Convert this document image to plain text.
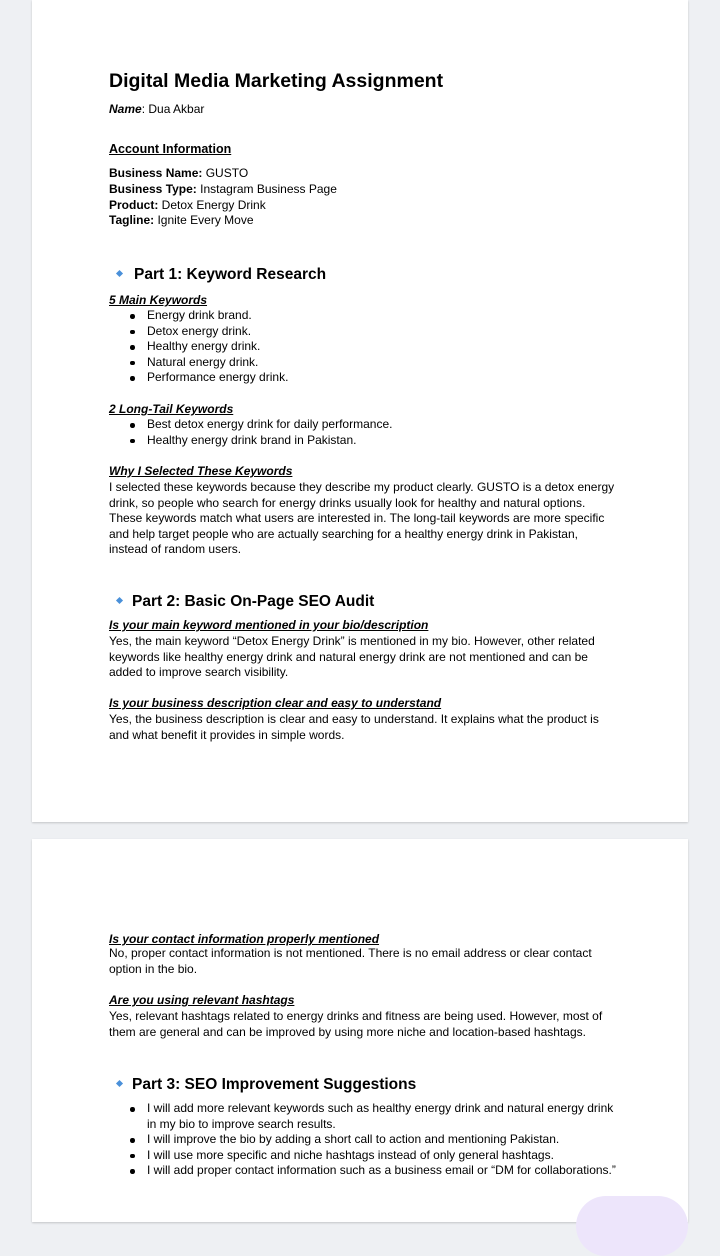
Digital Media Marketing Assignment
Name: Dua Akbar
Account Information
Business Name: GUSTO
Business Type: Instagram Business Page
Product: Detox Energy Drink
Tagline: Ignite Every Move
Part 1: Keyword Research
5 Main Keywords
Energy drink brand.
Detox energy drink.
Healthy energy drink.
Natural energy drink.
Performance energy drink.
2 Long-Tail Keywords
Best detox energy drink for daily performance.
Healthy energy drink brand in Pakistan.
Why I Selected These Keywords
I selected these keywords because they describe my product clearly. GUSTO is a detox energy
drink, so people who search for energy drinks usually look for healthy and natural options.
These keywords match what users are interested in. The long-tail keywords are more specific
and help target people who are actually searching for a healthy energy drink in Pakistan,
instead of random users.
Part 2: Basic On-Page SEO Audit
Is your main keyword mentioned in your bio/description
Yes, the main keyword “Detox Energy Drink” is mentioned in my bio. However, other related
keywords like healthy energy drink and natural energy drink are not mentioned and can be
added to improve search visibility.
Is your business description clear and easy to understand
Yes, the business description is clear and easy to understand. It explains what the product is
and what benefit it provides in simple words.
Is your contact information properly mentioned
No, proper contact information is not mentioned. There is no email address or clear contact
option in the bio.
Are you using relevant hashtags
Yes, relevant hashtags related to energy drinks and fitness are being used. However, most of
them are general and can be improved by using more niche and location-based hashtags.
Part 3: SEO Improvement Suggestions
I will add more relevant keywords such as healthy energy drink and natural energy drink
in my bio to improve search results.
I will improve the bio by adding a short call to action and mentioning Pakistan.
I will use more specific and niche hashtags instead of only general hashtags.
I will add proper contact information such as a business email or “DM for collaborations.”
